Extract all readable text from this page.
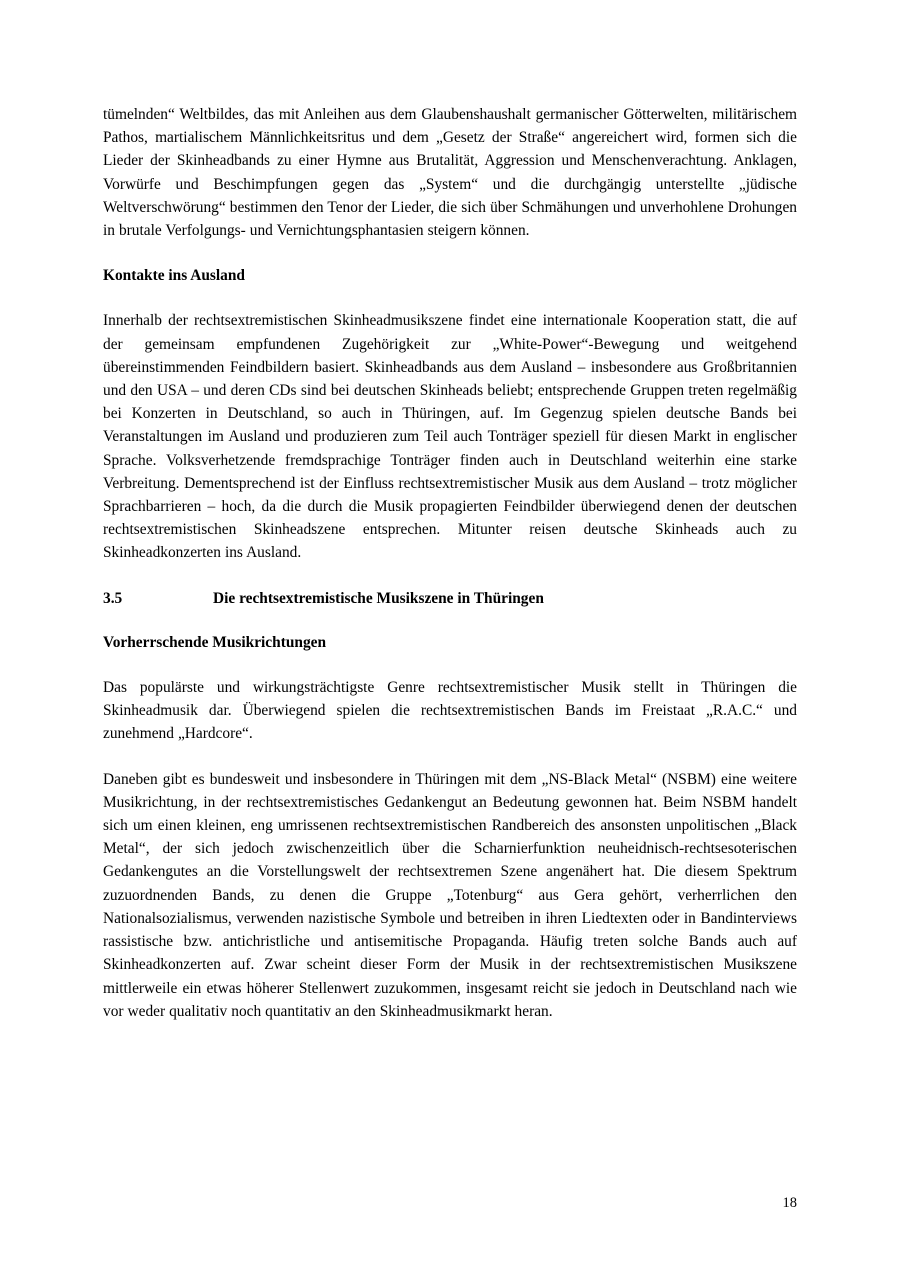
tümelnden“ Weltbildes, das mit Anleihen aus dem Glaubenshaushalt germanischer Götterwelten, militärischem Pathos, martialischem Männlichkeitsritus und dem „Gesetz der Straße“ angereichert wird, formen sich die Lieder der Skinheadbands zu einer Hymne aus Brutalität, Aggression und Menschenverachtung. Anklagen, Vorwürfe und Beschimpfungen gegen das „System“ und die durchgängig unterstellte „jüdische Weltverschwörung“ bestimmen den Tenor der Lieder, die sich über Schmähungen und unverhohlene Drohungen in brutale Verfolgungs- und Vernichtungsphantasien steigern können.

Kontakte ins Ausland

Innerhalb der rechtsextremistischen Skinheadmusikszene findet eine internationale Kooperation statt, die auf der gemeinsam empfundenen Zugehörigkeit zur „White-Power“-Bewegung und weitgehend übereinstimmenden Feindbildern basiert. Skinheadbands aus dem Ausland – insbesondere aus Großbritannien und den USA – und deren CDs sind bei deutschen Skinheads beliebt; entsprechende Gruppen treten regelmäßig bei Konzerten in Deutschland, so auch in Thüringen, auf. Im Gegenzug spielen deutsche Bands bei Veranstaltungen im Ausland und produzieren zum Teil auch Tonträger speziell für diesen Markt in englischer Sprache. Volksverhetzende fremdsprachige Tonträger finden auch in Deutschland weiterhin eine starke Verbreitung. Dementsprechend ist der Einfluss rechtsextremistischer Musik aus dem Ausland – trotz möglicher Sprachbarrieren – hoch, da die durch die Musik propagierten Feindbilder überwiegend denen der deutschen rechtsextremistischen Skinheadszene entsprechen. Mitunter reisen deutsche Skinheads auch zu Skinheadkonzerten ins Ausland.

3.5	Die rechtsextremistische Musikszene in Thüringen
Vorherrschende Musikrichtungen

Das populärste und wirkungsträchtigste Genre rechtsextremistischer Musik stellt in Thüringen die Skinheadmusik dar. Überwiegend spielen die rechtsextremistischen Bands im Freistaat „R.A.C.“ und zunehmend „Hardcore“.

Daneben gibt es bundesweit und insbesondere in Thüringen mit dem „NS-Black Metal“ (NSBM) eine weitere Musikrichtung, in der rechtsextremistisches Gedankengut an Bedeutung gewonnen hat. Beim NSBM handelt sich um einen kleinen, eng umrissenen rechtsextremistischen Randbereich des ansonsten unpolitischen „Black Metal“, der sich jedoch zwischenzeitlich über die Scharnierfunktion neuheidnisch-rechtsesoterischen Gedankengutes an die Vorstellungswelt der rechtsextremen Szene angenähert hat. Die diesem Spektrum zuzuordnenden Bands, zu denen die Gruppe „Totenburg“ aus Gera gehört, verherrlichen den Nationalsozialismus, verwenden nazistische Symbole und betreiben in ihren Liedtexten oder in Bandinterviews rassistische bzw. antichristliche und antisemitische Propaganda. Häufig treten solche Bands auch auf Skinheadkonzerten auf. Zwar scheint dieser Form der Musik in der rechtsextremistischen Musikszene mittlerweile ein etwas höherer Stellenwert zuzukommen, insgesamt reicht sie jedoch in Deutschland nach wie vor weder qualitativ noch quantitativ an den Skinheadmusikmarkt heran.

18
